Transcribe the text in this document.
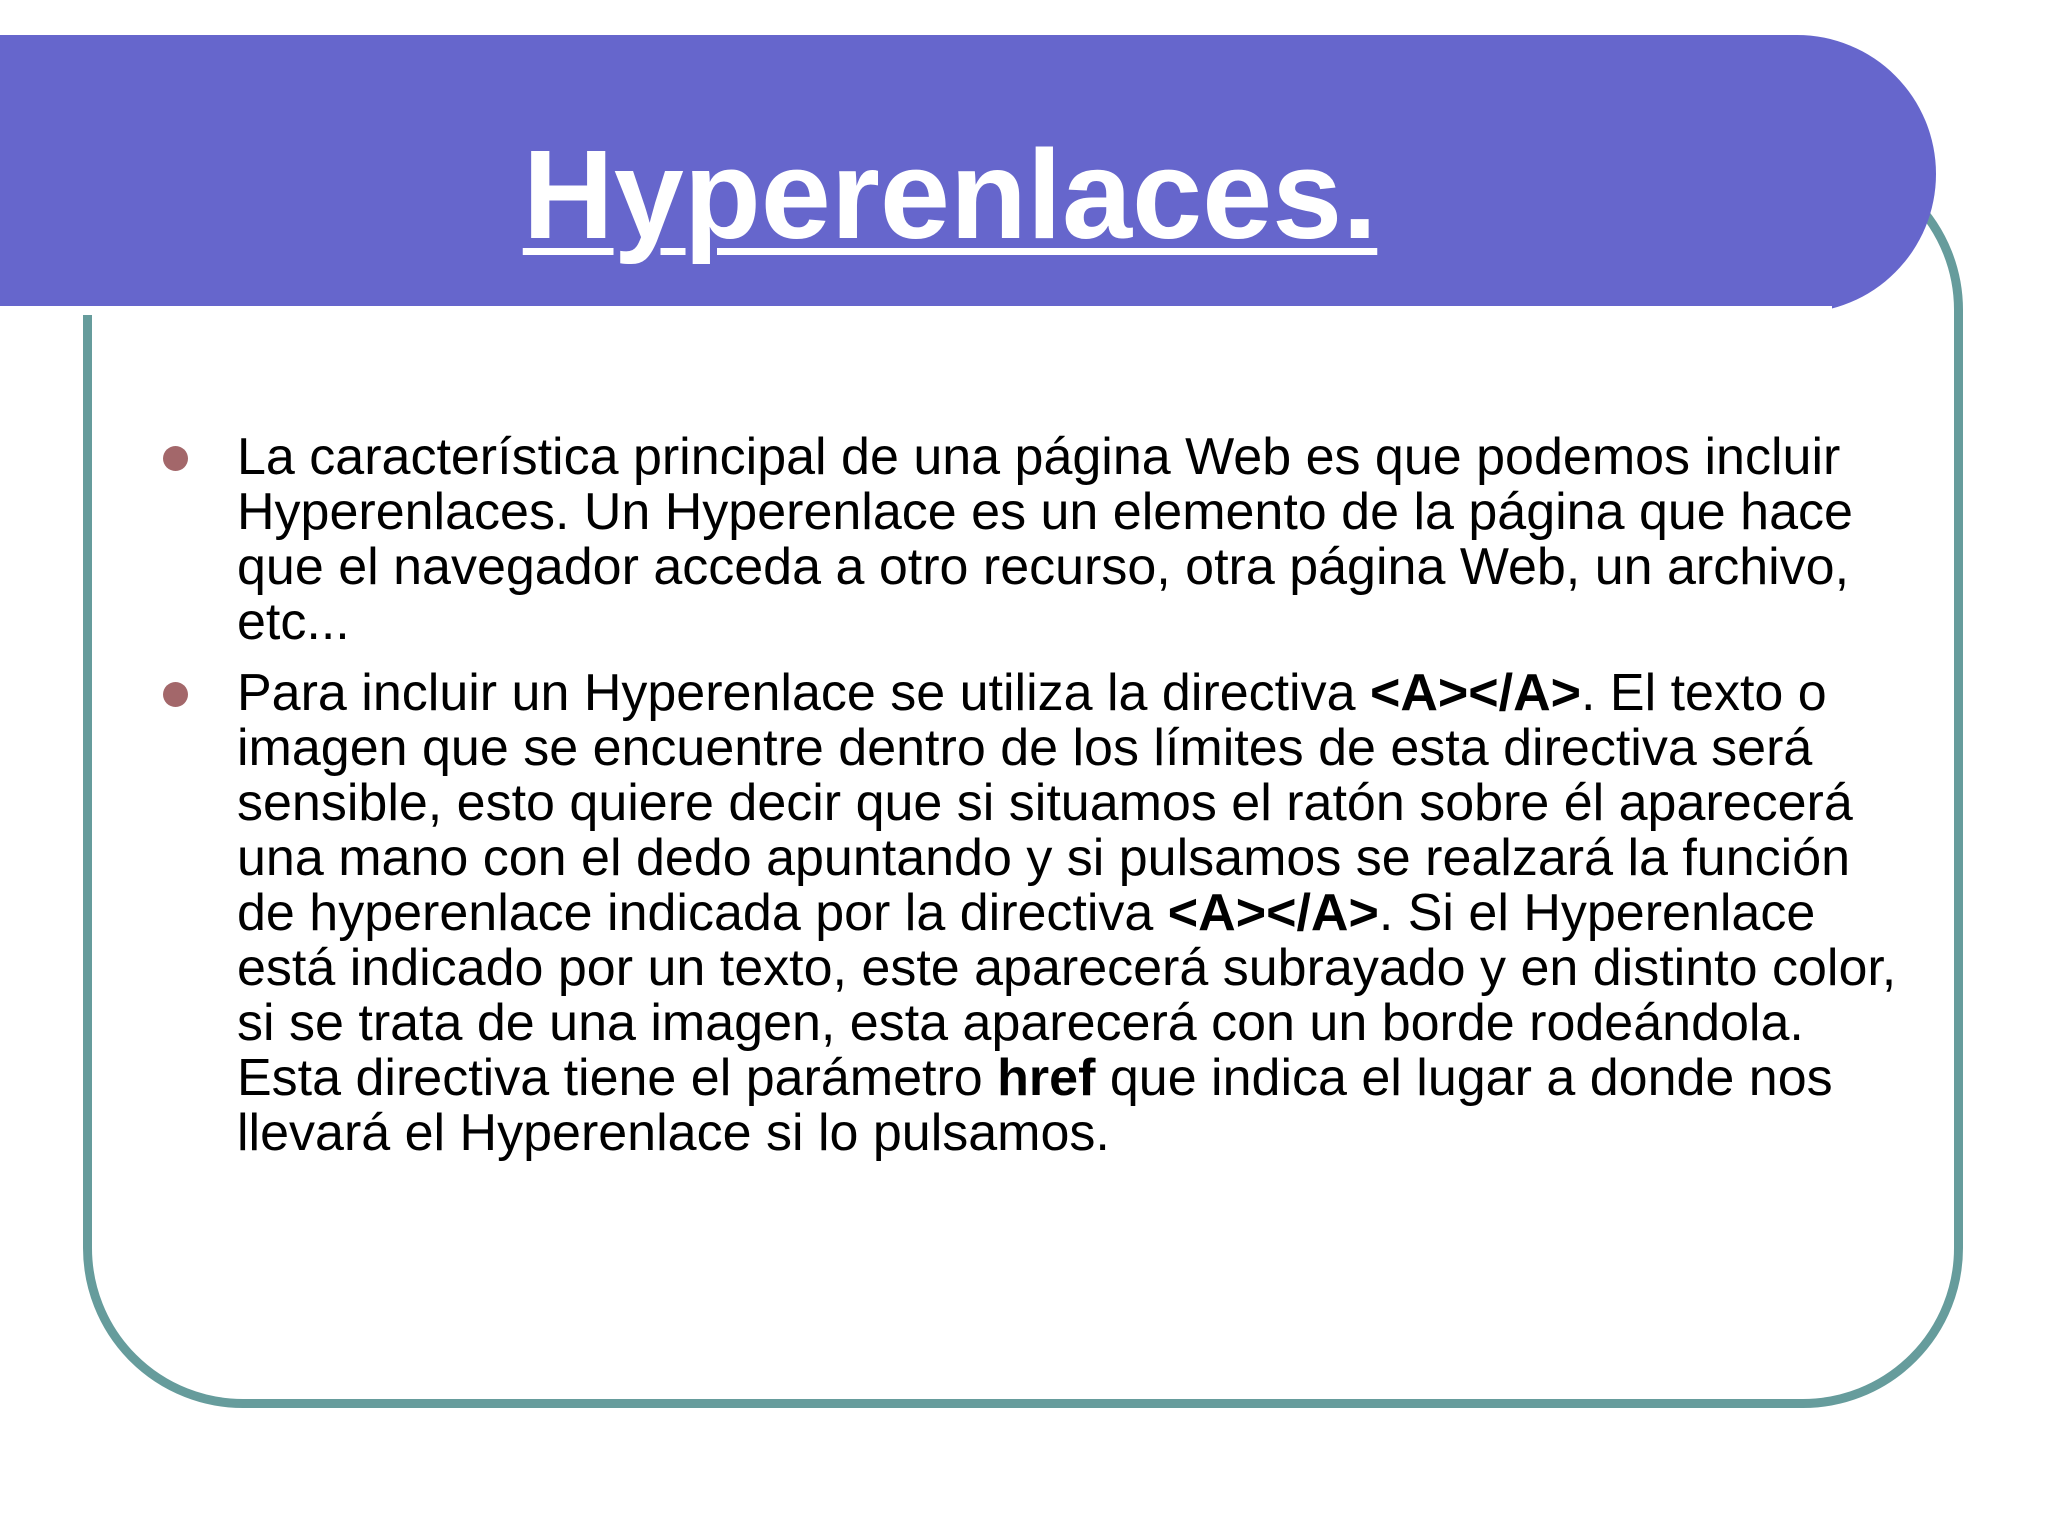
Hyperenlaces.
La característica principal de una página Web es que podemos incluir Hyperenlaces. Un Hyperenlace es un elemento de la página que hace que el navegador acceda a otro recurso, otra página Web, un archivo, etc...
Para incluir un Hyperenlace se utiliza la directiva <A></A>. El texto o imagen que se encuentre dentro de los límites de esta directiva será sensible, esto quiere decir que si situamos el ratón sobre él aparecerá una mano con el dedo apuntando y si pulsamos se realzará la función de hyperenlace indicada por la directiva <A></A>. Si el Hyperenlace está indicado por un texto, este aparecerá subrayado y en distinto color, si se trata de una imagen, esta aparecerá con un borde rodeándola. Esta directiva tiene el parámetro href que indica el lugar a donde nos llevará el Hyperenlace si lo pulsamos.
